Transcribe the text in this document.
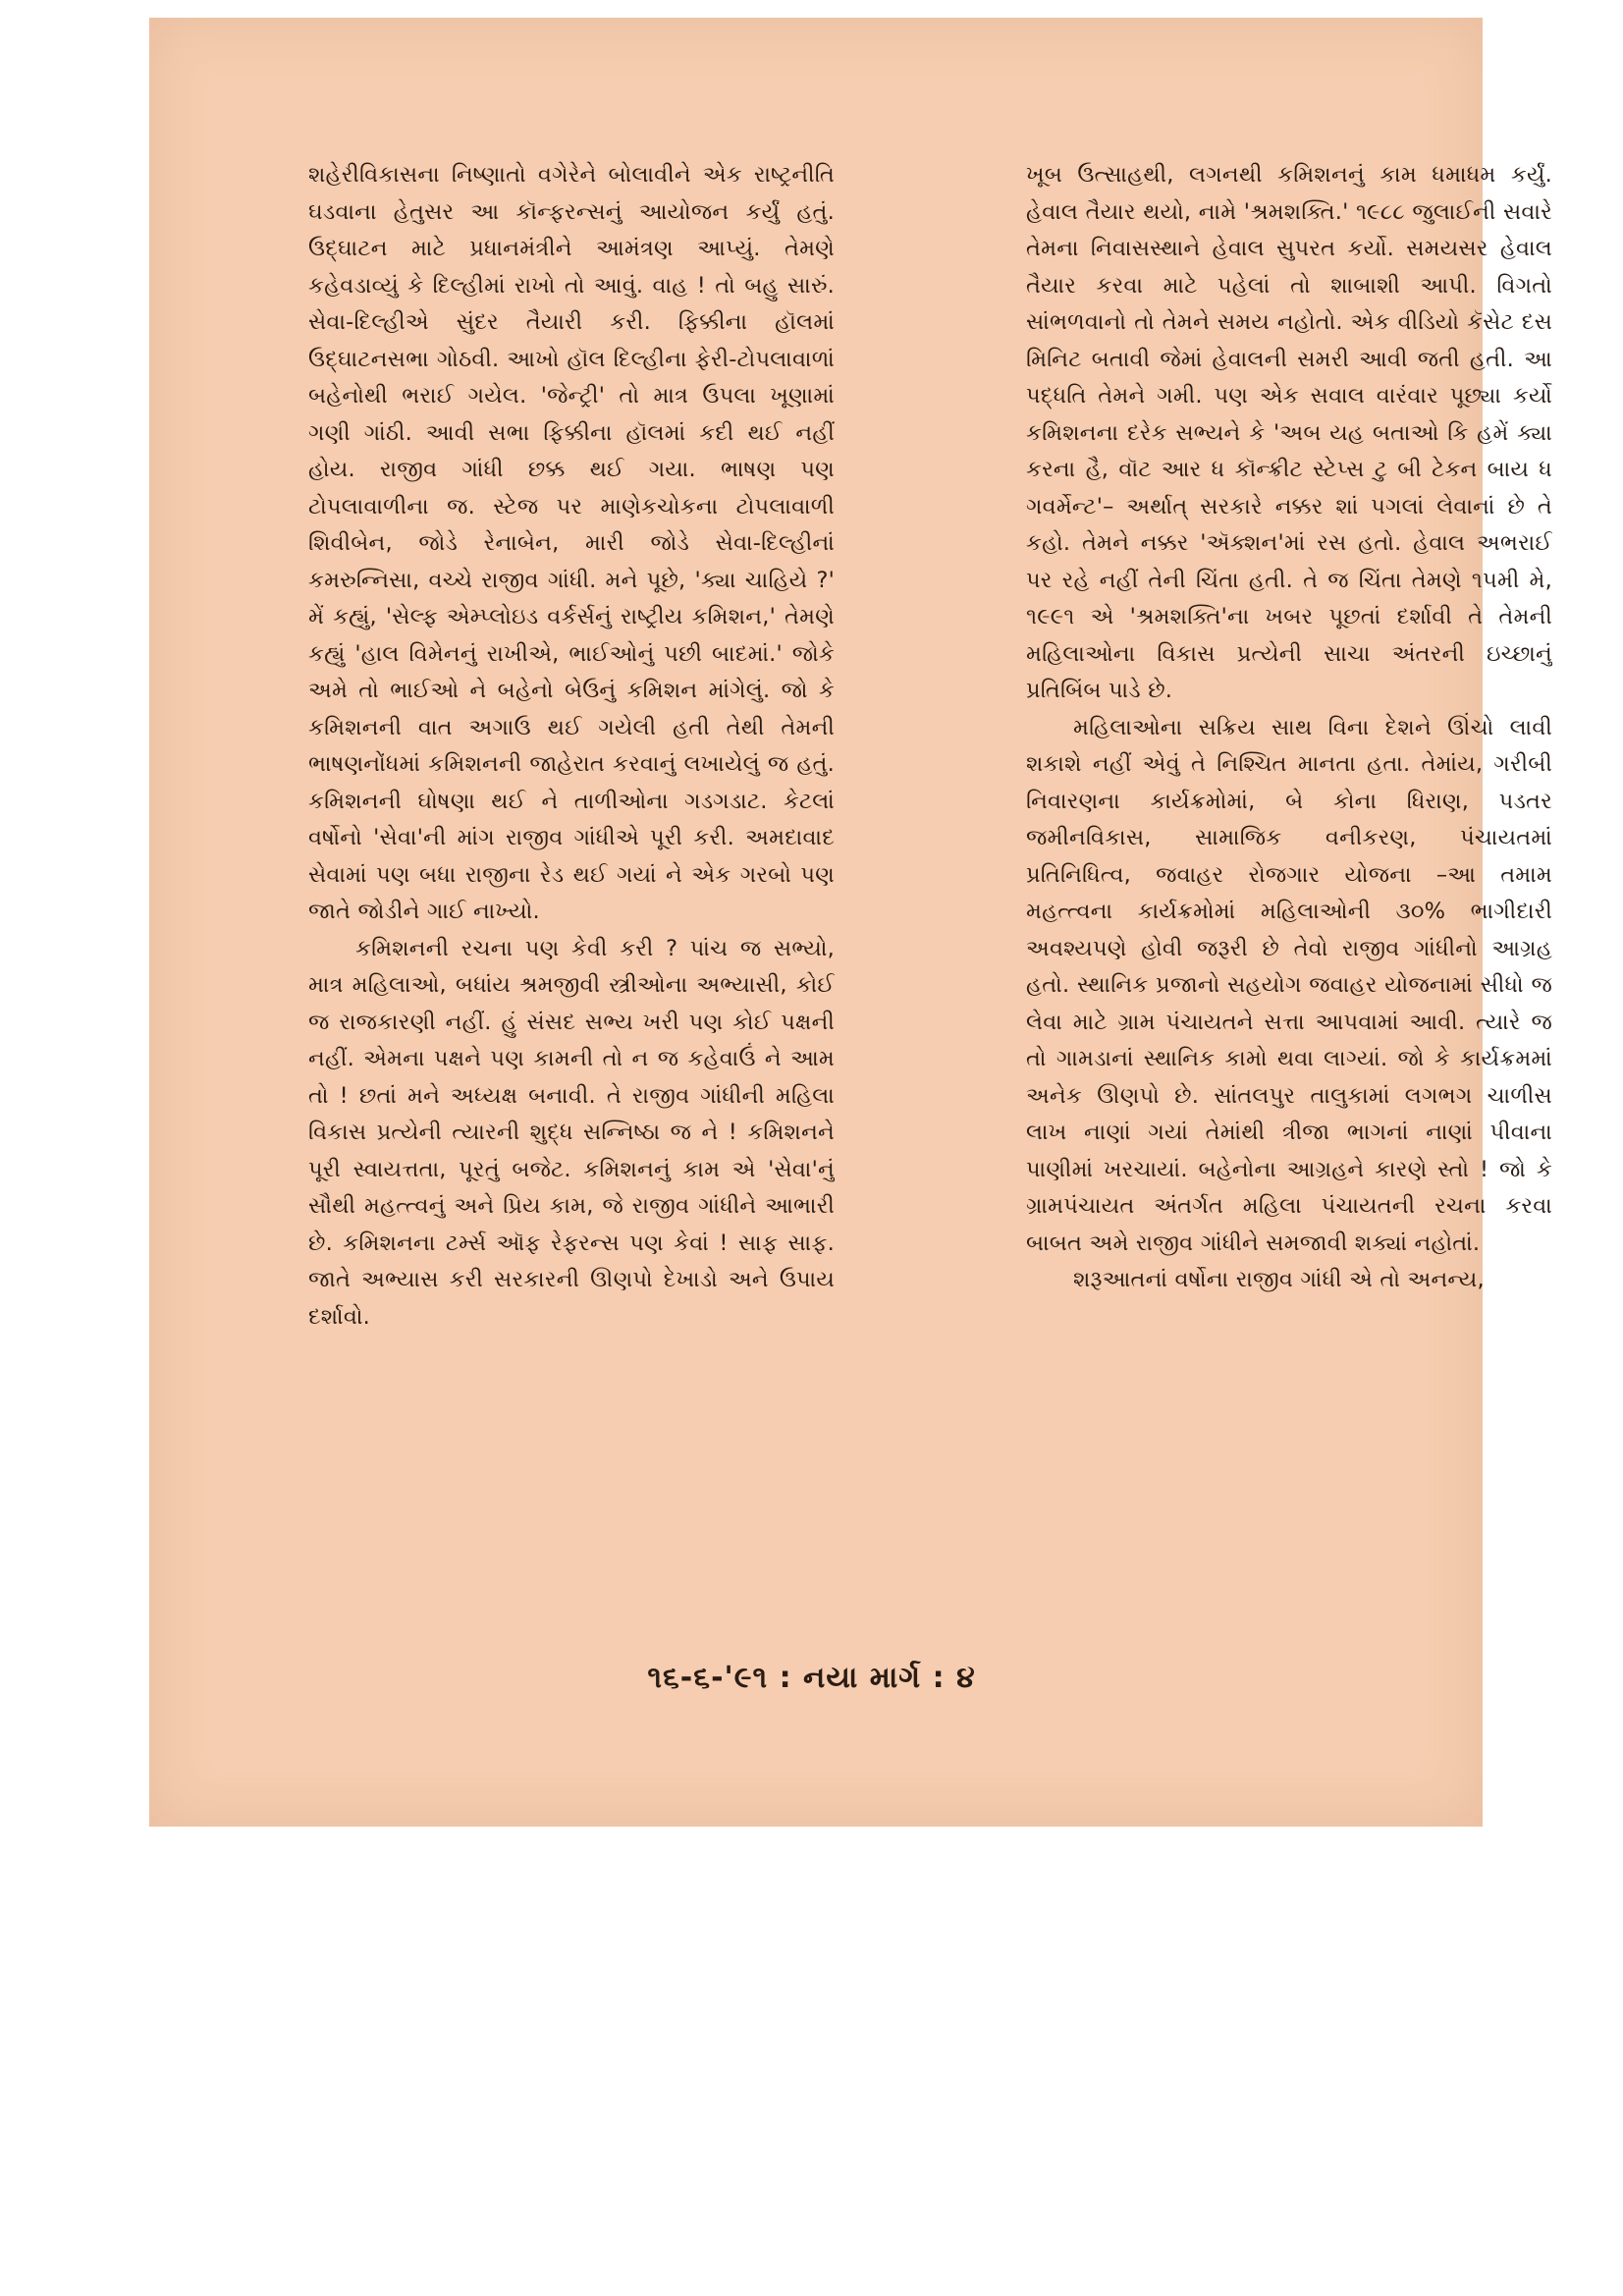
શહેરીવિકાસના નિષ્ણાતો વગેરેને બોલાવીને એક રાષ્ટ્રનીતિ ઘડવાના હેતુસર આ કૉન્ફરન્સનું આયોજન કર્યું હતું. ઉદ્ઘાટન માટે પ્રધાનમંત્રીને આમંત્રણ આપ્યું. તેમણે કહેવડાવ્યું કે દિલ્હીમાં રાખો તો આવું. વાહ ! તો બહુ સારું. સેવા-દિલ્હીએ સુંદર તૈયારી કરી. ફિક્કીના હૉલમાં ઉદ્ઘાટનસભા ગોઠવી. આખો હૉલ દિલ્હીના ફેરી-ટોપલાવાળાં બહેનોથી ભરાઈ ગયેલ. 'જેન્ટ્રી' તો માત્ર ઉપલા ખૂણામાં ગણી ગાંઠી. આવી સભા ફિક્કીના હૉલમાં કદી થઈ નહીં હોય. રાજીવ ગાંધી છક્ક થઈ ગયા. ભાષણ પણ ટોપલાવાળીના જ. સ્ટેજ પર માણેકચોકના ટોપલાવાળી શિવીબેન, જોડે રેનાબેન, મારી જોડે સેવા-દિલ્હીનાં કમરુન્નિસા, વચ્ચે રાજીવ ગાંધી. મને પૂછે, 'ક્યા ચાહિયે ?' મેં કહ્યું, 'સેલ્ફ એમ્પ્લોઇડ વર્કર્સનું રાષ્ટ્રીય કમિશન,' તેમણે કહ્યું 'હાલ વિમેનનું રાખીએ, ભાઈઓનું પછી બાદમાં.' જોકે અમે તો ભાઈઓ ને બહેનો બેઉનું કમિશન માંગેલું. જો કે કમિશનની વાત અગાઉ થઈ ગયેલી હતી તેથી તેમની ભાષણનોંધમાં કમિશનની જાહેરાત કરવાનું લખાયેલું જ હતું. કમિશનની ઘોષણા થઈ ને તાળીઓના ગડગડાટ. કેટલાં વર્ષોનો 'સેવા'ની માંગ રાજીવ ગાંધીએ પૂરી કરી. અમદાવાદ સેવામાં પણ બધા રાજીના રેડ થઈ ગયાં ને એક ગરબો પણ જાતે જોડીને ગાઈ નાખ્યો.

કમિશનની રચના પણ કેવી કરી ? પાંચ જ સભ્યો, માત્ર મહિલાઓ, બધાંય શ્રમજીવી સ્ત્રીઓના અભ્યાસી, કોઈ જ રાજકારણી નહીં. હું સંસદ સભ્ય ખરી પણ કોઈ પક્ષની નહીં. એમના પક્ષને પણ કામની તો ન જ કહેવાઉં ને આમ તો ! છતાં મને અધ્યક્ષ બનાવી. તે રાજીવ ગાંધીની મહિલા વિકાસ પ્રત્યેની ત્યારની શુદ્ધ સન્નિષ્ઠા જ ને ! કમિશનને પૂરી સ્વાયત્તતા, પૂરતું બજેટ. કમિશનનું કામ એ 'સેવા'નું સૌથી મહત્ત્વનું અને પ્રિય કામ, જે રાજીવ ગાંધીને આભારી છે. કમિશનના ટર્મ્સ ઑફ રેફરન્સ પણ કેવાં ! સાફ સાફ. જાતે અભ્યાસ કરી સરકારની ઊણપો દેખાડો અને ઉપાય દર્શાવો.

ખૂબ ઉત્સાહથી, લગનથી કમિશનનું કામ ધમાધમ કર્યું. હેવાલ તૈયાર થયો, નામે 'શ્રમશક્તિ.' ૧૯૮૮ જુલાઈની સવારે તેમના નિવાસસ્થાને હેવાલ સુપરત કર્યો. સમયસર હેવાલ તૈયાર કરવા માટે પહેલાં તો શાબાશી આપી. વિગતો સાંભળવાનો તો તેમને સમય નહોતો. એક વીડિયો કૅસેટ દસ મિનિટ બતાવી જેમાં હેવાલની સમરી આવી જતી હતી. આ પદ્ધતિ તેમને ગમી. પણ એક સવાલ વારંવાર પૂછ્યા કર્યો કમિશનના દરેક સભ્યને કે 'અબ યહ બતાઓ કિ હમેં ક્યા કરના હૈ, વૉટ આર ધ કૉન્ક્રીટ સ્ટેપ્સ ટુ બી ટેકન બાય ધ ગવર્મેન્ટ'– અર્થાત્ સરકારે નક્કર શાં પગલાં લેવાનાં છે તે કહો. તેમને નક્કર 'ઍક્શન'માં રસ હતો. હેવાલ અભરાઈ પર રહે નહીં તેની ચિંતા હતી. તે જ ચિંતા તેમણે ૧૫મી મે, ૧૯૯૧ એ 'શ્રમશક્તિ'ના ખબર પૂછતાં દર્શાવી તે તેમની મહિલાઓના વિકાસ પ્રત્યેની સાચા અંતરની ઇચ્છાનું પ્રતિબિંબ પાડે છે.

મહિલાઓના સક્રિય સાથ વિના દેશને ઊંચો લાવી શકાશે નહીં એવું તે નિશ્ચિત માનતા હતા. તેમાંય, ગરીબી નિવારણના કાર્યક્રમોમાં, બે કોના ધિરાણ, પડતર જમીનવિકાસ, સામાજિક વનીકરણ, પંચાયતમાં પ્રતિનિધિત્વ, જવાહર રોજગાર યોજના –આ તમામ મહત્ત્વના કાર્યક્રમોમાં મહિલાઓની ૩૦% ભાગીદારી અવશ્યપણે હોવી જરૂરી છે તેવો રાજીવ ગાંધીનો આગ્રહ હતો. સ્થાનિક પ્રજાનો સહયોગ જવાહર યોજનામાં સીધો જ લેવા માટે ગ્રામ પંચાયતને સત્તા આપવામાં આવી. ત્યારે જ તો ગામડાનાં સ્થાનિક કામો થવા લાગ્યાં. જો કે કાર્યક્રમમાં અનેક ઊણપો છે. સાંતલપુર તાલુકામાં લગભગ ચાળીસ લાખ નાણાં ગયાં તેમાંથી ત્રીજા ભાગનાં નાણાં પીવાના પાણીમાં ખરચાયાં. બહેનોના આગ્રહને કારણે સ્તો ! જો કે ગ્રામપંચાયત અંતર્ગત મહિલા પંચાયતની રચના કરવા બાબત અમે રાજીવ ગાંધીને સમજાવી શક્યાં નહોતાં.

શરૂઆતનાં વર્ષોના રાજીવ ગાંધી એ તો અનન્ય,

૧૬-૬-'૯૧ : નયા માર્ગ : ૪
